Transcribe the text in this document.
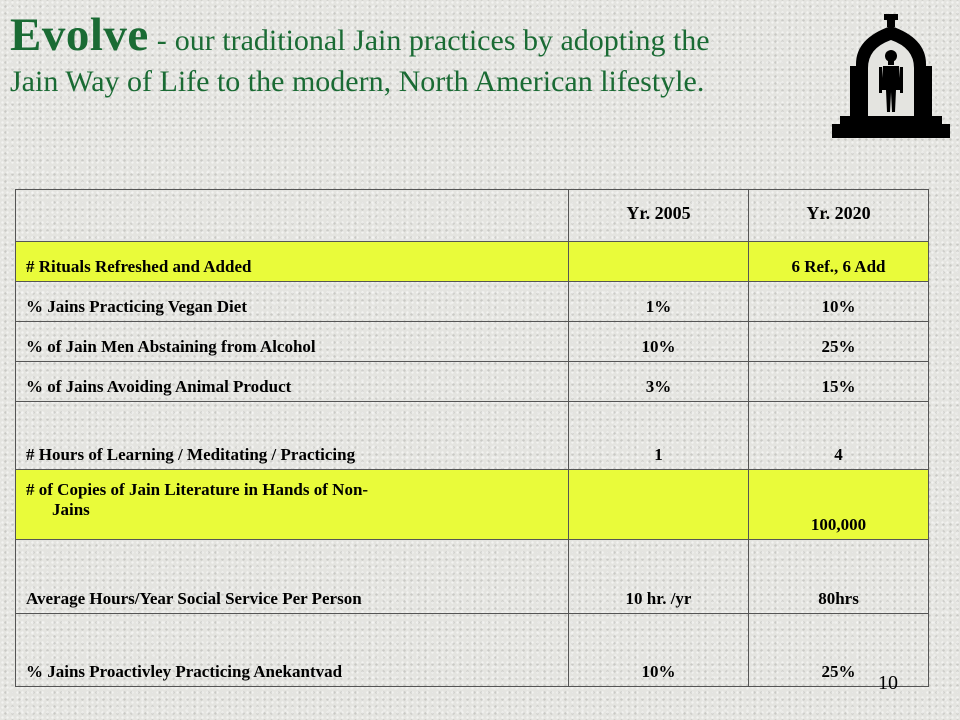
Evolve - our traditional Jain practices by adopting the
Jain Way of Life to the modern, North American lifestyle.
	Yr. 2005	Yr. 2020
# Rituals Refreshed and Added		6 Ref., 6 Add
% Jains Practicing Vegan Diet	1%	10%
% of Jain Men Abstaining from Alcohol	10%	25%
% of Jains Avoiding Animal Product	3%	15%
# Hours of Learning / Meditating / Practicing	1	4
# of Copies of Jain Literature in Hands of Non-
Jains		100,000
Average Hours/Year Social Service Per Person	10 hr. /yr	80hrs
% Jains Proactivley Practicing Anekantvad	10%	25%
10
